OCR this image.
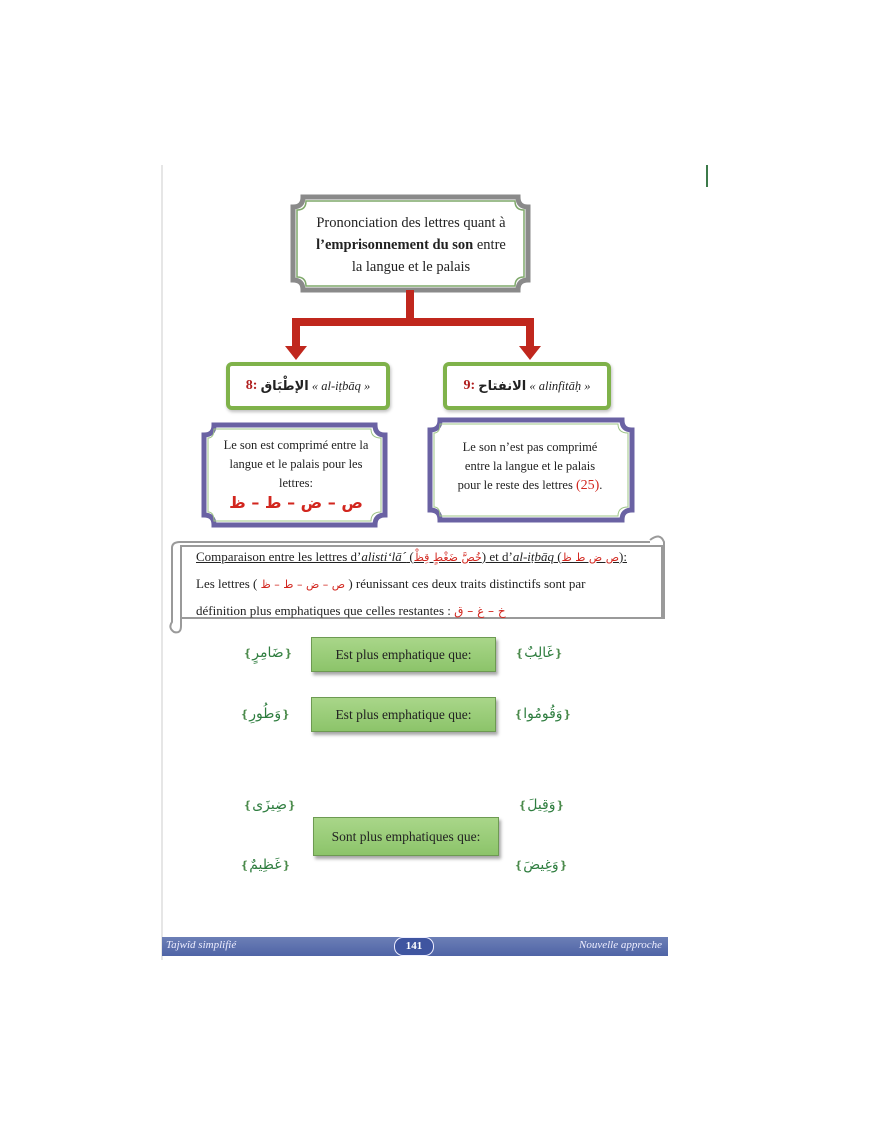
Prononciation des lettres quant à
l’emprisonnement du son entre
la langue et le palais
8:
الإطْبَاق
« al-iṭbāq »	9:
الانفتاح
« alinfitāḥ »
Le son est comprimé entre la
langue et le palais pour les
lettres:
ص – ض – ط – ظ
Le son n’est pas comprimé
entre la langue et le palais
pour le reste des lettres (25).
Comparaison entre les lettres d’alisti‘lā´ (خُصَّ ضَغْطٍ قِظْ) et d’al-iṭbāq (ص ض ط ظ):
Les lettres ( ص – ض – ط – ظ ) réunissant ces deux traits distinctifs sont par
définition plus emphatiques que celles restantes : خ – غ – ق
❴ضَامِرٍ❵	Est plus emphatique que:	❴غَالِبٌ❵
❴وَطُورِ❵	Est plus emphatique que:	❴وَقُومُوا❵
❴ضِيزَى❵	❴وَقِيلَ❵
Sont plus emphatiques que:
❴غَظِيمٌ❵	❴وَغِيضَ❵
Tajwîd simplifié	141	Nouvelle approche
